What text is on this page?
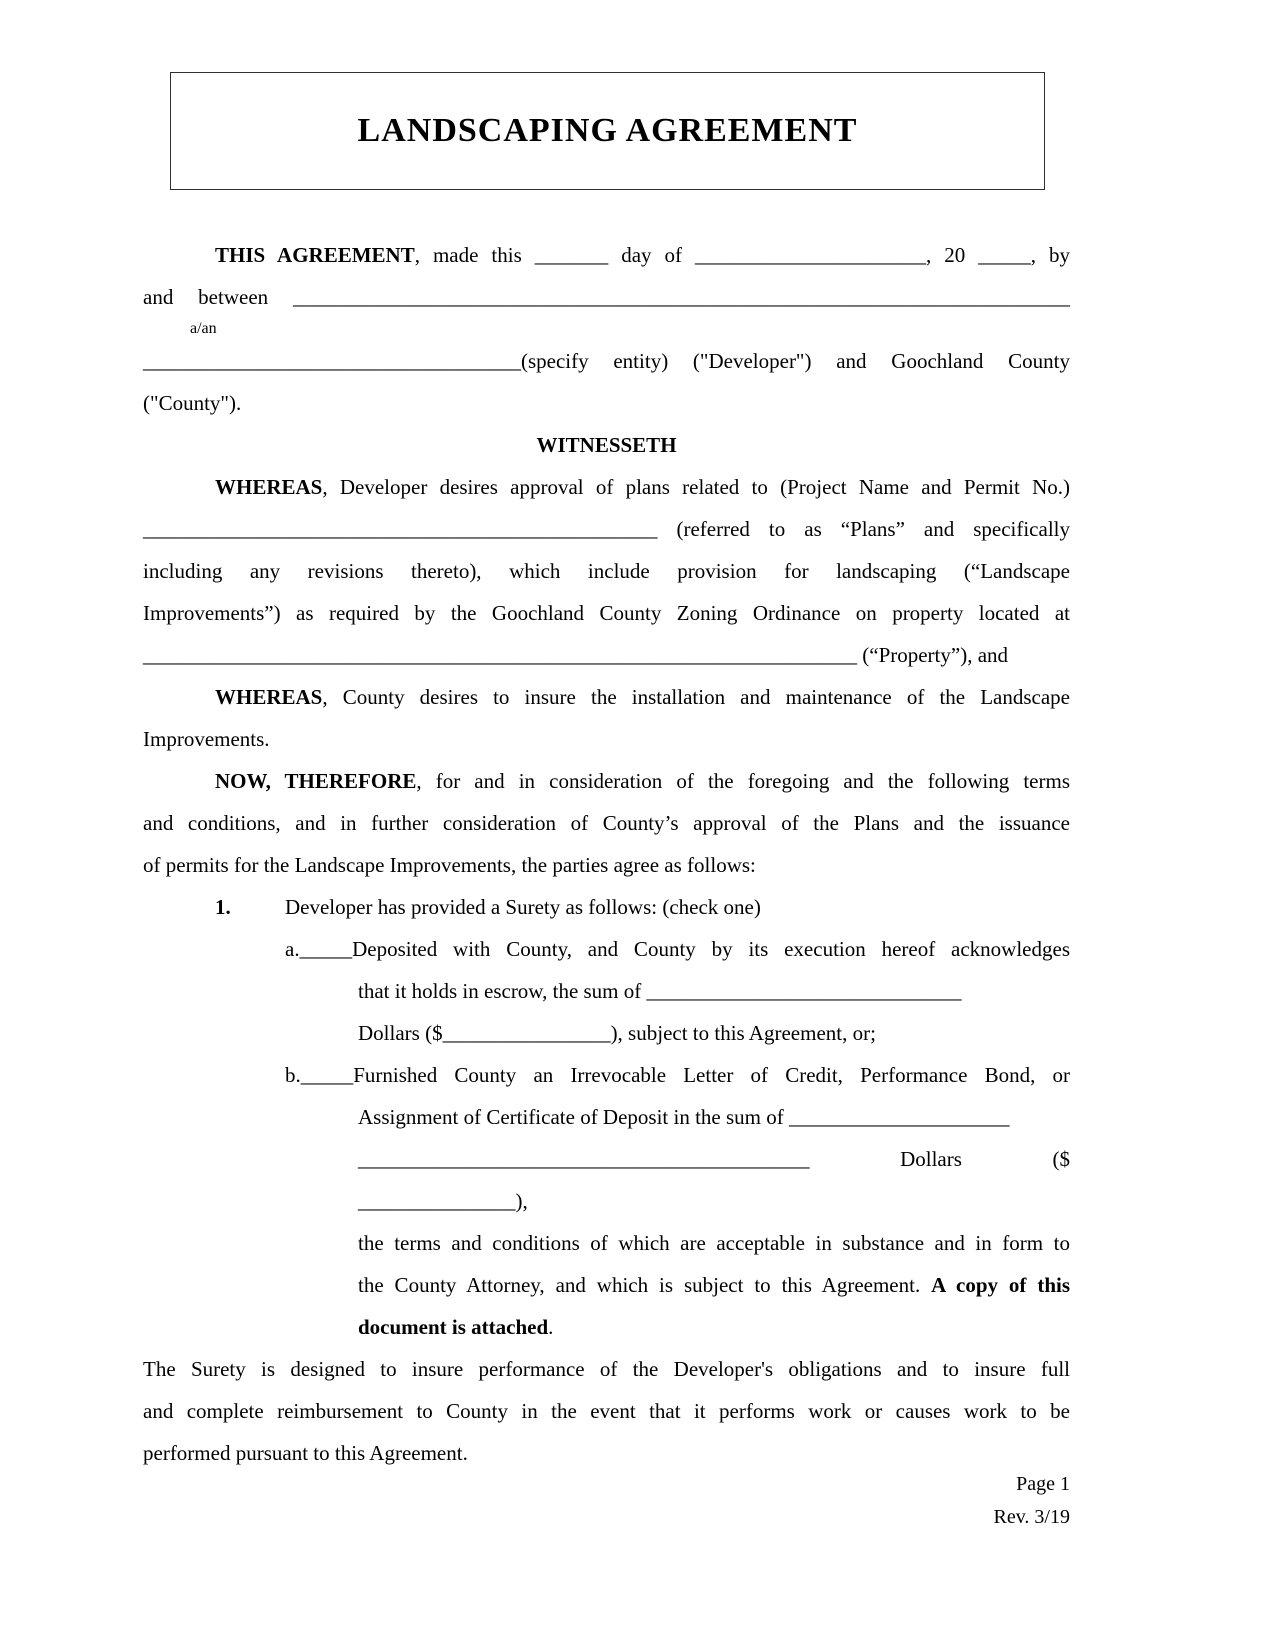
LANDSCAPING AGREEMENT
THIS AGREEMENT, made this _______ day of ______________________, 20 _____, by
and between __________________________________________________________________________
a/an
____________________________________(specify entity) ("Developer") and Goochland County
("County").
WITNESSETH
WHEREAS, Developer desires approval of plans related to (Project Name and Permit No.)
_________________________________________________ (referred to as “Plans” and specifically
including any revisions thereto), which include provision for landscaping (“Landscape
Improvements”) as required by the Goochland County Zoning Ordinance on property located at
____________________________________________________________________ (“Property”), and
WHEREAS, County desires to insure the installation and maintenance of the Landscape
Improvements.
NOW, THEREFORE, for and in consideration of the foregoing and the following terms
and conditions, and in further consideration of County’s approval of the Plans and the issuance
of permits for the Landscape Improvements, the parties agree as follows:
1.	Developer has provided a Surety as follows: (check one)
a._____Deposited with County, and County by its execution hereof acknowledges
that it holds in escrow, the sum of ______________________________
Dollars ($________________), subject to this Agreement, or;
b._____Furnished County an Irrevocable Letter of Credit, Performance Bond, or
Assignment of Certificate of Deposit in the sum of _____________________
___________________________________________ Dollars ($ _______________),
the terms and conditions of which are acceptable in substance and in form to
the County Attorney, and which is subject to this Agreement. A copy of this
document is attached.
The Surety is designed to insure performance of the Developer's obligations and to insure full
and complete reimbursement to County in the event that it performs work or causes work to be
performed pursuant to this Agreement.
Page 1
Rev. 3/19
